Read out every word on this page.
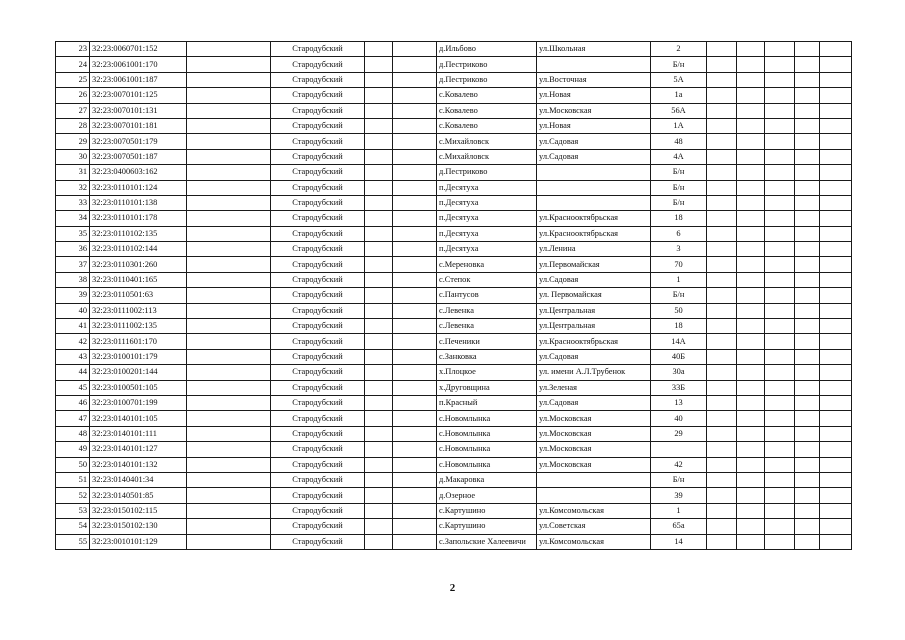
23	32:23:0060701:152		Стародубский			д.Ильбово	ул.Школьная	2					
24	32:23:0061001:170		Стародубский			д.Пестриково		Б/н					
25	32:23:0061001:187		Стародубский			д.Пестриково	ул.Восточная	5А					
26	32:23:0070101:125		Стародубский			с.Ковалево	ул.Новая	1а					
27	32:23:0070101:131		Стародубский			с.Ковалево	ул.Московская	56А					
28	32:23:0070101:181		Стародубский			с.Ковалево	ул.Новая	1А					
29	32:23:0070501:179		Стародубский			с.Михайловск	ул.Садовая	48					
30	32:23:0070501:187		Стародубский			с.Михайловск	ул.Садовая	4А					
31	32:23:0400603:162		Стародубский			д.Пестриково		Б/н					
32	32:23:0110101:124		Стародубский			п.Десятуха		Б/н					
33	32:23:0110101:138		Стародубский			п.Десятуха		Б/н					
34	32:23:0110101:178		Стародубский			п.Десятуха	ул.Краснооктябрьская	18					
35	32:23:0110102:135		Стародубский			п.Десятуха	ул.Краснооктябрьская	6					
36	32:23:0110102:144		Стародубский			п.Десятуха	ул.Ленина	3					
37	32:23:0110301:260		Стародубский			с.Мереновка	ул.Первомайская	70					
38	32:23:0110401:165		Стародубский			с.Степок	ул.Садовая	1					
39	32:23:0110501:63		Стародубский			с.Пантусов	ул. Первомайская	Б/н					
40	32:23:0111002:113		Стародубский			с.Левенка	ул.Центральная	50					
41	32:23:0111002:135		Стародубский			с.Левенка	ул.Центральная	18					
42	32:23:0111601:170		Стародубский			с.Печеники	ул.Краснооктябрьская	14А					
43	32:23:0100101:179		Стародубский			с.Занковка	ул.Садовая	40Б					
44	32:23:0100201:144		Стародубский			х.Плоцкое	ул. имени А.Л.Трубенок	30а					
45	32:23:0100501:105		Стародубский			х.Друговщина	ул.Зеленая	33Б					
46	32:23:0100701:199		Стародубский			п.Красный	ул.Садовая	13					
47	32:23:0140101:105		Стародубский			с.Новомлынка	ул.Московская	40					
48	32:23:0140101:111		Стародубский			с.Новомлынка	ул.Московская	29					
49	32:23:0140101:127		Стародубский			с.Новомлынка	ул.Московская						
50	32:23:0140101:132		Стародубский			с.Новомлынка	ул.Московская	42					
51	32:23:0140401:34		Стародубский			д.Макаровка		Б/н					
52	32:23:0140501:85		Стародубский			д.Озерное		39					
53	32:23:0150102:115		Стародубский			с.Картушино	ул.Комсомольская	1					
54	32:23:0150102:130		Стародубский			с.Картушино	ул.Советская	65а					
55	32:23:0010101:129		Стародубский			с.Запольские Халеевичи	ул.Комсомольская	14					
2
